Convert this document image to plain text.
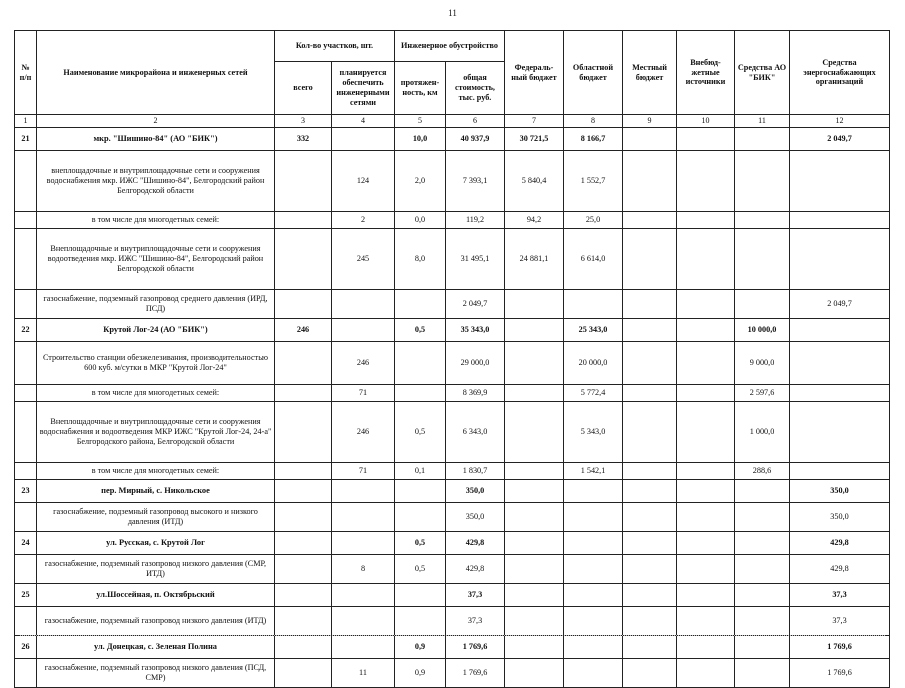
11
№ п/п	Наименование микрорайона и инженерных сетей	Кол-во участков, шт.		Инженерное обустройство		Федераль-ный бюджет	Областной бюджет	Местный бюджет	Внебюд-жетные источники	Средства АО "БИК"	Средства энергоснабжающих организаций
		всего	планируется обеспечить инженерными сетями	протяжен-ность, км	общая стоимость, тыс. руб.						
1	2	3	4	5	6	7	8	9	10	11	12
21	мкр. "Шишино-84" (АО "БИК")	332		10,0	40 937,9	30 721,5	8 166,7				2 049,7
	внеплощадочные и внутриплощадочные сети и сооружения водоснабжения мкр. ИЖС "Шишино-84", Белгородский район Белгородской области		124	2,0	7 393,1	5 840,4	1 552,7				
	в том числе для многодетных семей:		2	0,0	119,2	94,2	25,0				
	Внеплощадочные и внутриплощадочные сети и сооружения водоотведения мкр. ИЖС "Шишино-84", Белгородский район Белгородской области		245	8,0	31 495,1	24 881,1	6 614,0				
	газоснабжение, подземный газопровод среднего давления (ИРД, ПСД)				2 049,7						2 049,7
22	Крутой Лог-24 (АО "БИК")	246		0,5	35 343,0		25 343,0			10 000,0	
	Строительство станции обезжелезивания, производительностью 600 куб. м/сутки в МКР "Крутой Лог-24"		246		29 000,0		20 000,0			9 000,0	
	в том числе для многодетных семей:		71		8 369,9		5 772,4			2 597,6	
	Внеплощадочные и внутриплощадочные сети и сооружения водоснабжения и водоотведения МКР ИЖС "Крутой Лог-24, 24-а" Белгородского района, Белгородской области		246	0,5	6 343,0		5 343,0			1 000,0	
	в том числе для многодетных семей:		71	0,1	1 830,7		1 542,1			288,6	
23	пер. Мирный, с. Никольское				350,0						350,0
	газоснабжение, подземный газопровод высокого и низкого давления (ИТД)				350,0						350,0
24	ул. Русская, с. Крутой Лог			0,5	429,8						429,8
	газоснабжение, подземный газопровод низкого давления (СМР, ИТД)		8	0,5	429,8						429,8
25	ул.Шоссейная, п. Октябрьский				37,3						37,3
	газоснабжение, подземный газопровод низкого давления (ИТД)				37,3						37,3
26	ул. Донецкая, с. Зеленая Полина			0,9	1 769,6						1 769,6
	газоснабжение, подземный газопровод низкого давления (ПСД, СМР)		11	0,9	1 769,6						1 769,6
